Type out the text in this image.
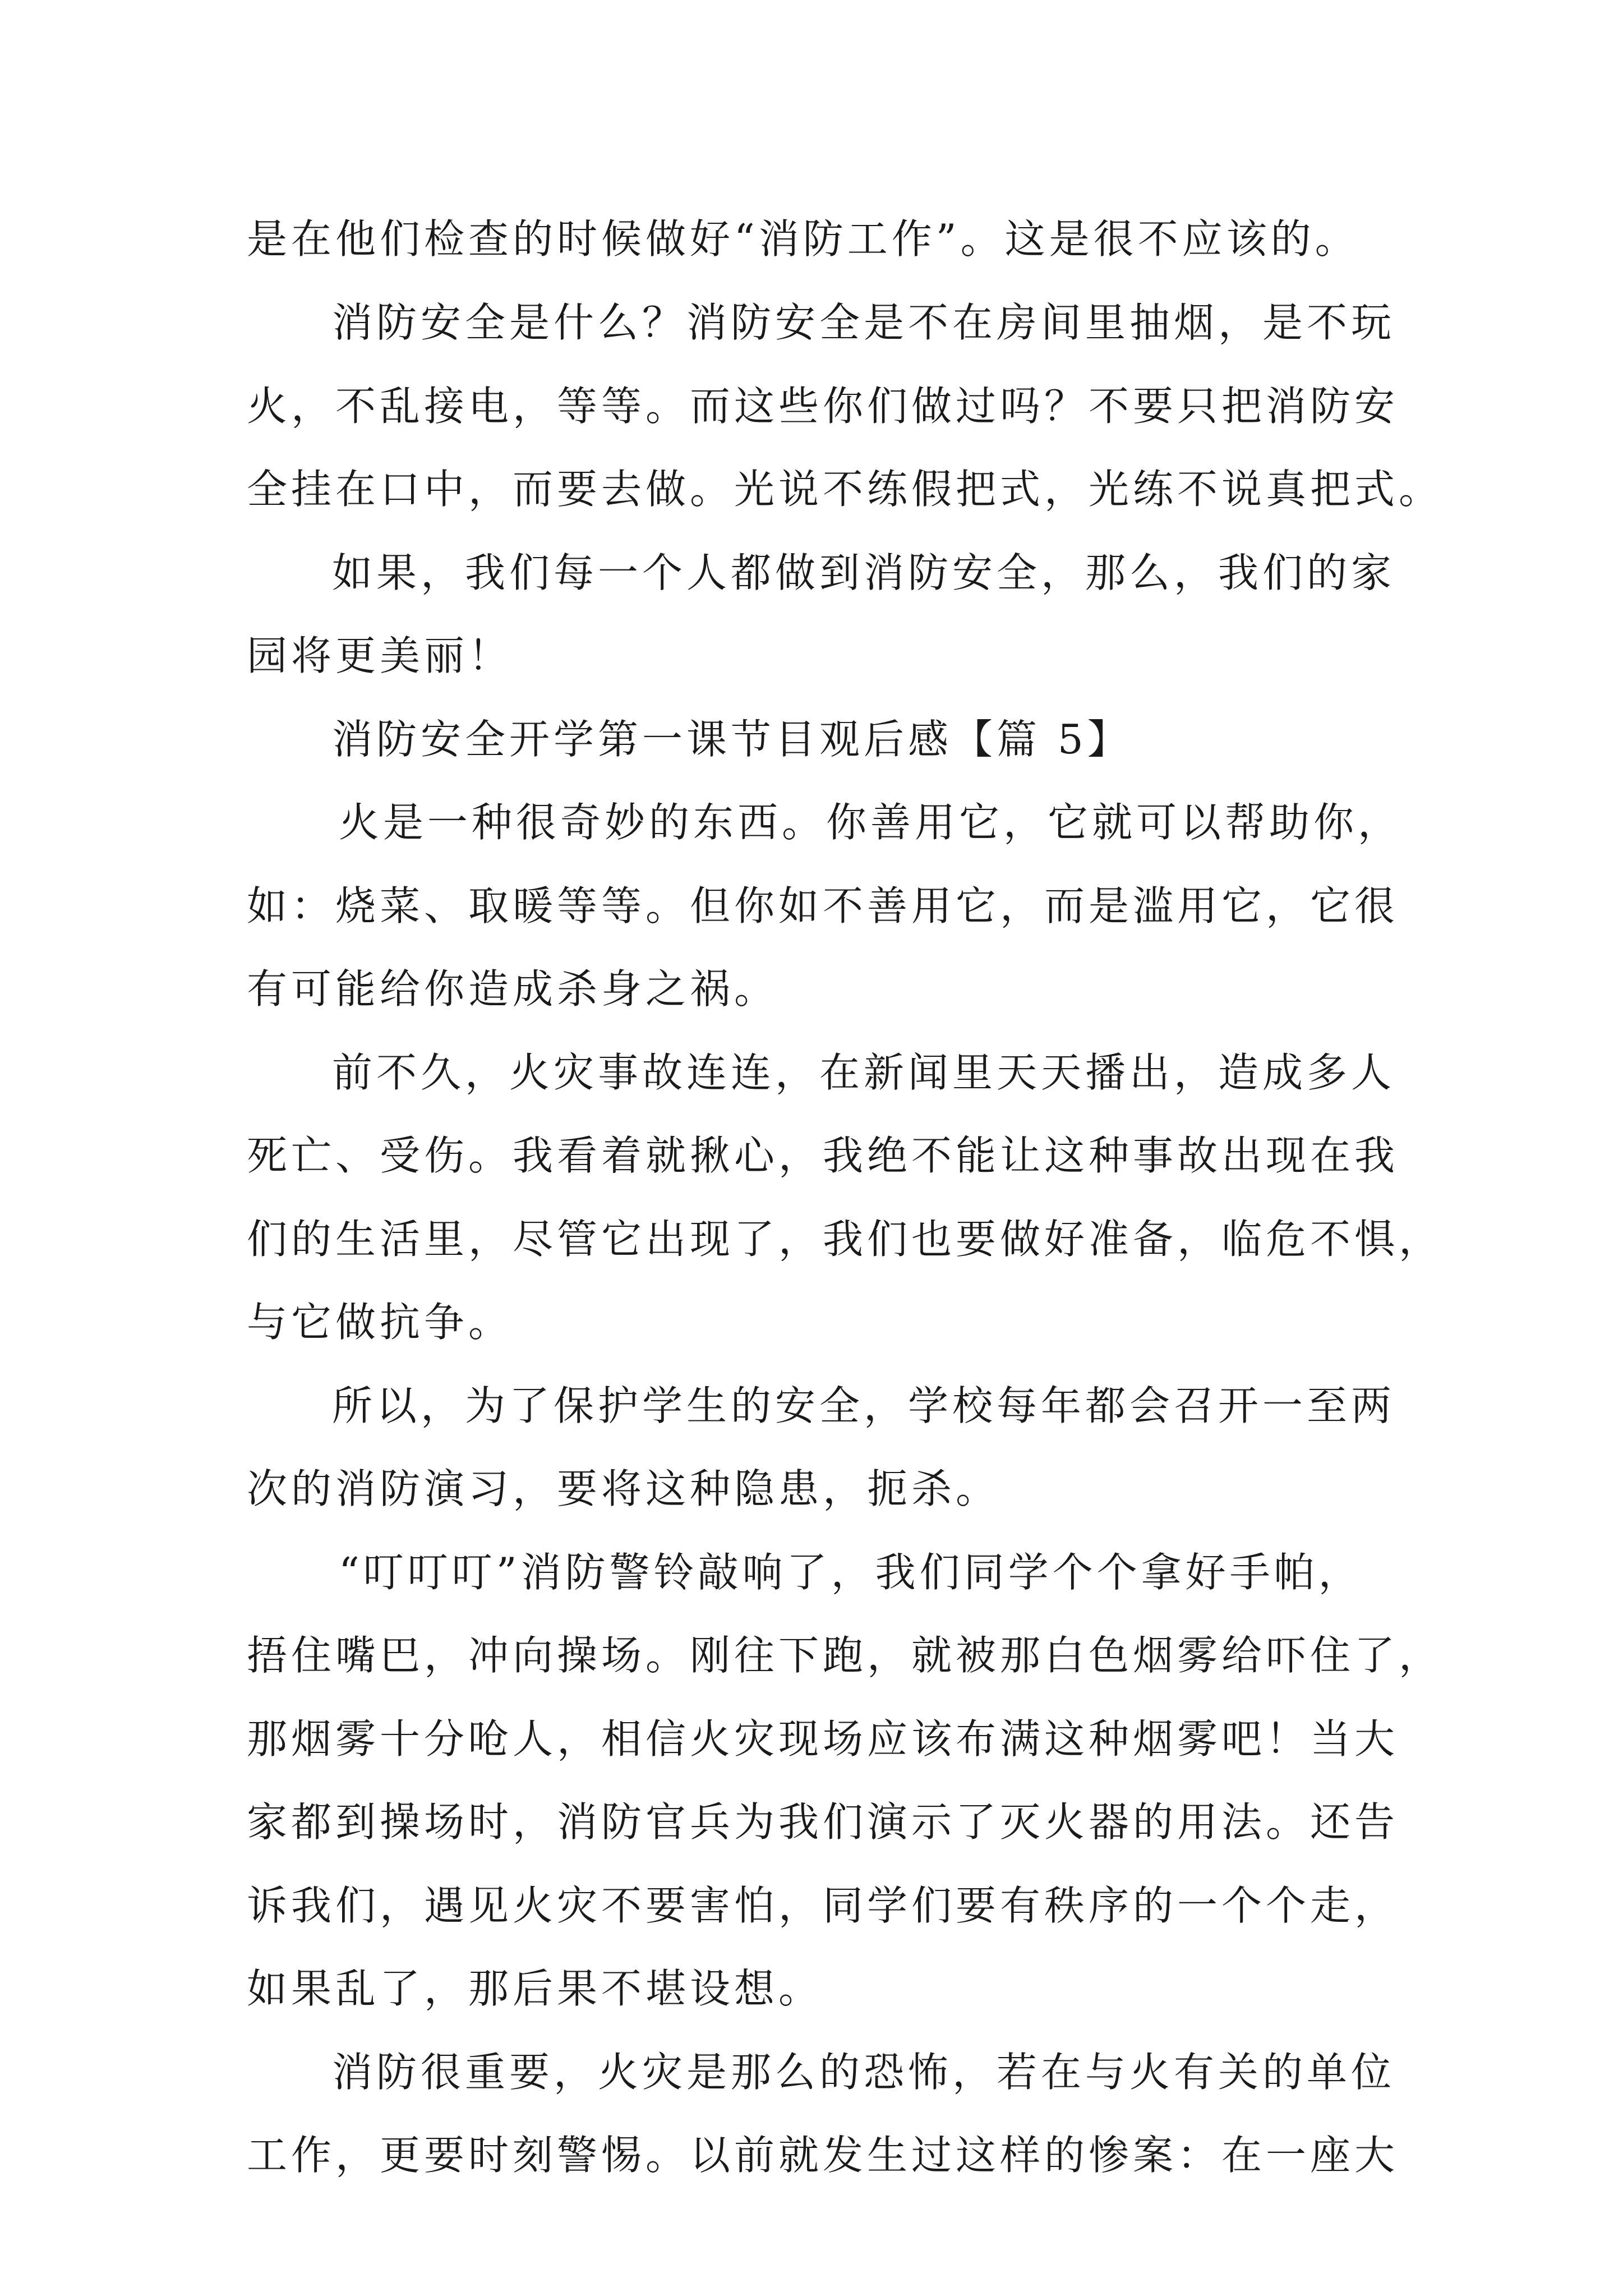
是在他们检查的时候做好“消防工作”。这是很不应该的。
消防安全是什么？消防安全是不在房间里抽烟，是不玩
火，不乱接电，等等。而这些你们做过吗？不要只把消防安
全挂在口中，而要去做。光说不练假把式，光练不说真把式。
如果，我们每一个人都做到消防安全，那么，我们的家
园将更美丽！
消防安全开学第一课节目观后感【篇 5】
火是一种很奇妙的东西。你善用它，它就可以帮助你，
如：烧菜、取暖等等。但你如不善用它，而是滥用它，它很
有可能给你造成杀身之祸。
前不久，火灾事故连连，在新闻里天天播出，造成多人
死亡、受伤。我看着就揪心，我绝不能让这种事故出现在我
们的生活里，尽管它出现了，我们也要做好准备，临危不惧，
与它做抗争。
所以，为了保护学生的安全，学校每年都会召开一至两
次的消防演习，要将这种隐患，扼杀。
“叮叮叮”消防警铃敲响了，我们同学个个拿好手帕，
捂住嘴巴，冲向操场。刚往下跑，就被那白色烟雾给吓住了，
那烟雾十分呛人，相信火灾现场应该布满这种烟雾吧！当大
家都到操场时，消防官兵为我们演示了灭火器的用法。还告
诉我们，遇见火灾不要害怕，同学们要有秩序的一个个走，
如果乱了，那后果不堪设想。
消防很重要，火灾是那么的恐怖，若在与火有关的单位
工作，更要时刻警惕。以前就发生过这样的惨案：在一座大
